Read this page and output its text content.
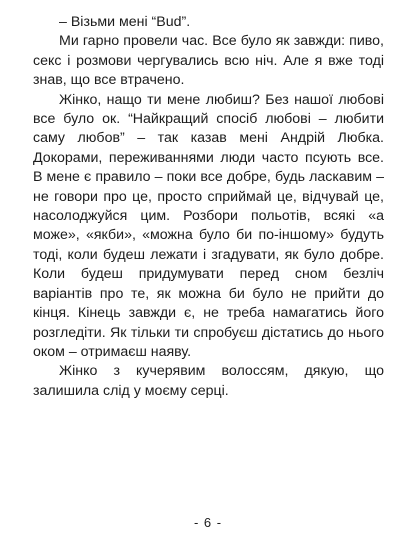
– Візьми мені “Bud”.

Ми гарно провели час. Все було як завжди: пиво, секс і розмови чергувались всю ніч. Але я вже тоді знав, що все втрачено.

Жінко, нащо ти мене любиш? Без нашої любові все було ок. “Найкращий спосіб любові – любити саму любов” – так казав мені Андрій Любка. Докорами, переживаннями люди часто псують все. В мене є правило – поки все добре, будь ласкавим – не говори про це, просто сприймай це, відчувай це, насолоджуйся цим. Розбори польотів, всякі «а може», «якби», «можна було би по-іншому» будуть тоді, коли будеш лежати і згадувати, як було добре. Коли будеш придумувати перед сном безліч варіантів про те, як можна би було не прийти до кінця. Кінець завжди є, не треба намагатись його розгледіти. Як тільки ти спробуєш дістатись до нього оком – отримаєш наяву.

Жінко з кучерявим волоссям, дякую, що залишила слід у моєму серці.

- 6 -
